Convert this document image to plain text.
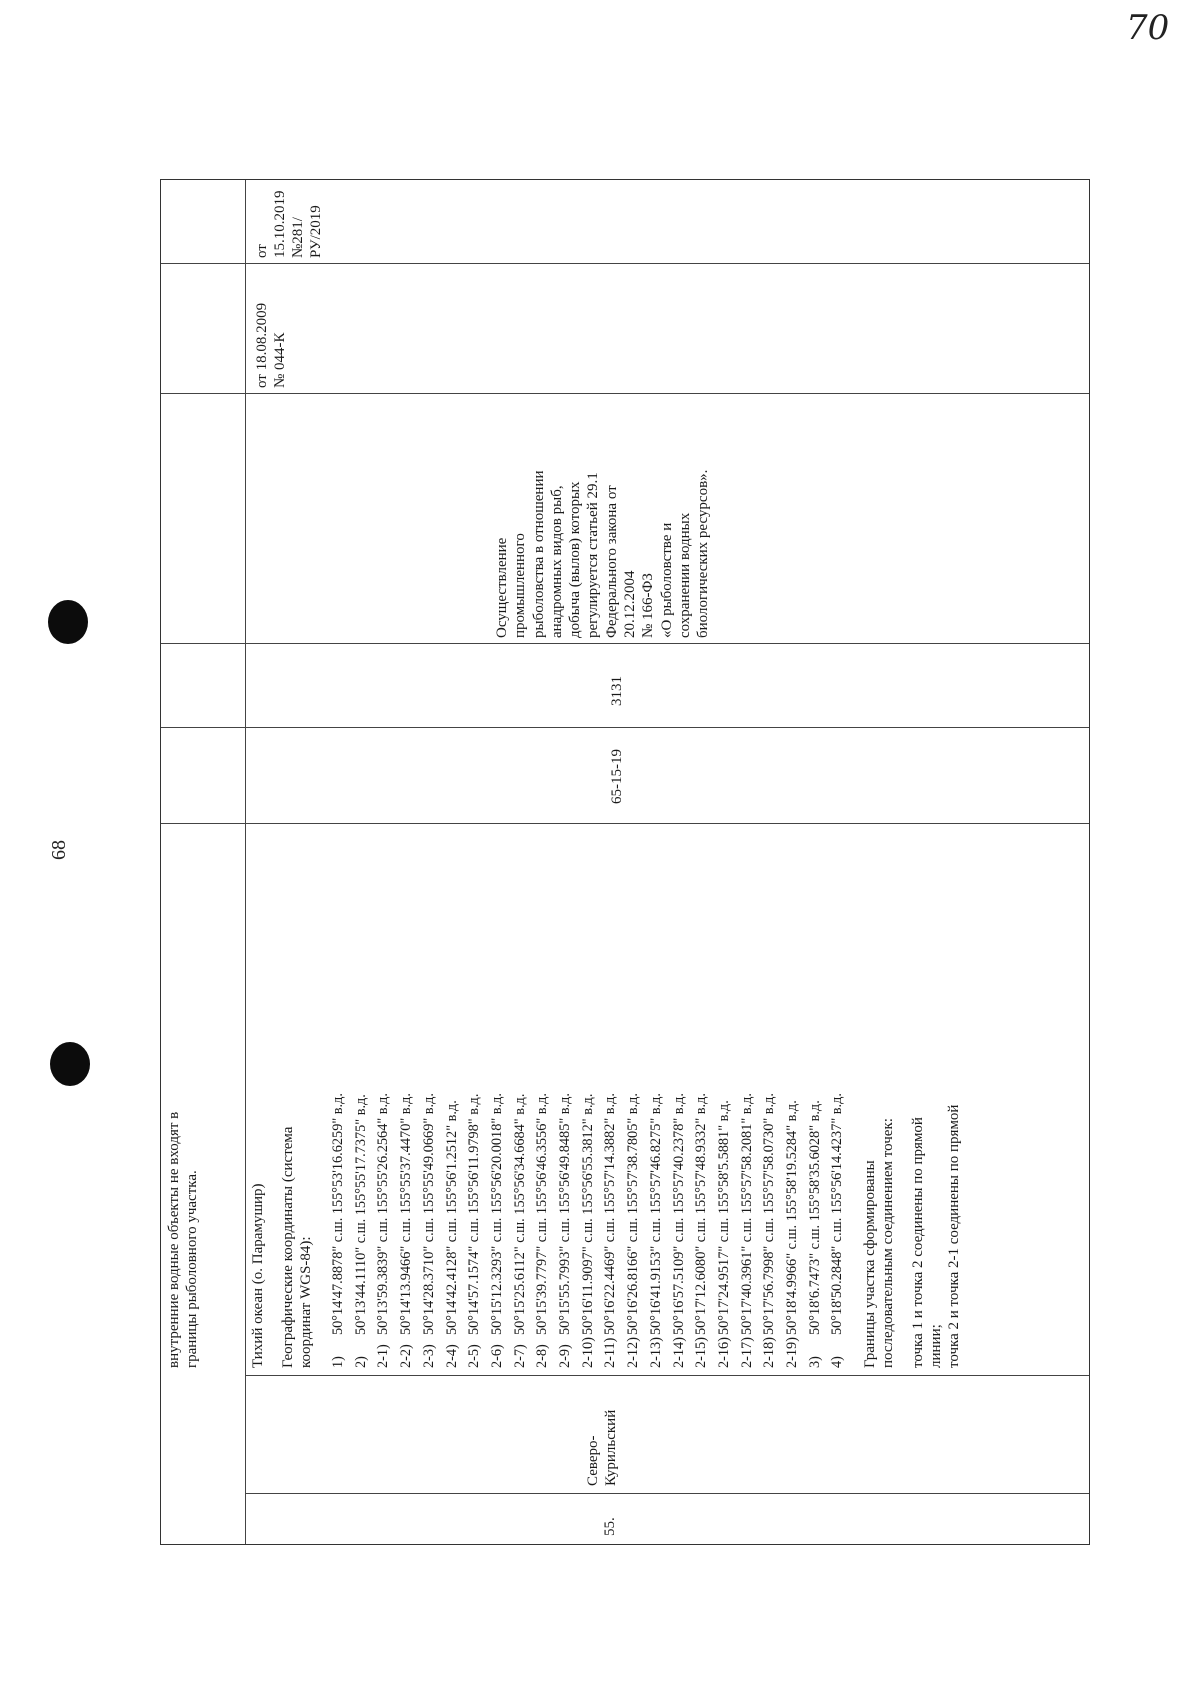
70
68

внутренние водные объекты не входят в границы рыболовного участка.

55.

Северо- Курильский

Тихий океан (о. Парамушир) Географические координаты (система координат WGS-84): 1)
50°14'47.8878" с.ш. 155°53'16.6259" в.д.
2)
50°13'44.1110" с.ш. 155°55'17.7375" в.д.
2-1)
50°13'59.3839" с.ш. 155°55'26.2564" в.д.
2-2)
50°14'13.9466" с.ш. 155°55'37.4470" в.д.
2-3)
50°14'28.3710" с.ш. 155°55'49.0669" в.д.
2-4)
50°14'42.4128" с.ш. 155°56'1.2512" в.д.
2-5)
50°14'57.1574" с.ш. 155°56'11.9798" в.д.
2-6)
50°15'12.3293" с.ш. 155°56'20.0018" в.д.
2-7)
50°15'25.6112" с.ш. 155°56'34.6684" в.д.
2-8)
50°15'39.7797" с.ш. 155°56'46.3556" в.д.
2-9)
50°15'55.7993" с.ш. 155°56'49.8485" в.д.
2-10)
50°16'11.9097" с.ш. 155°56'55.3812" в.д.
2-11)
50°16'22.4469" с.ш. 155°57'14.3882" в.д.
2-12)
50°16'26.8166" с.ш. 155°57'38.7805" в.д.
2-13)
50°16'41.9153" с.ш. 155°57'46.8275" в.д.
2-14)
50°16'57.5109" с.ш. 155°57'40.2378" в.д.
2-15)
50°17'12.6080" с.ш. 155°57'48.9332" в.д.
2-16)
50°17'24.9517" с.ш. 155°58'5.5881" в.д.
2-17)
50°17'40.3961" с.ш. 155°57'58.2081" в.д.
2-18)
50°17'56.7998" с.ш. 155°57'58.0730" в.д.
2-19)
50°18'4.9966" с.ш. 155°58'19.5284" в.д.
3)
50°18'6.7473" с.ш. 155°58'35.6028" в.д.
4)
50°18'50.2848" с.ш. 155°56'14.4237" в.д. Границы участка сформированы последовательным соединением точек: точка 1 и точка 2 соединены по прямой линии; точка 2 и точка 2-1 соединены по прямой

65-15-19
3131
Осуществление промышленного рыболовства в отношении анадромных видов рыб, добыча (вылов) которых регулируется статьей 29.1 Федерального закона от 20.12.2004 № 166-ФЗ «О рыболовстве и сохранении водных биологических ресурсов».

от 18.08.2009 № 044-К

от 15.10.2019 №281/РУ/2019
